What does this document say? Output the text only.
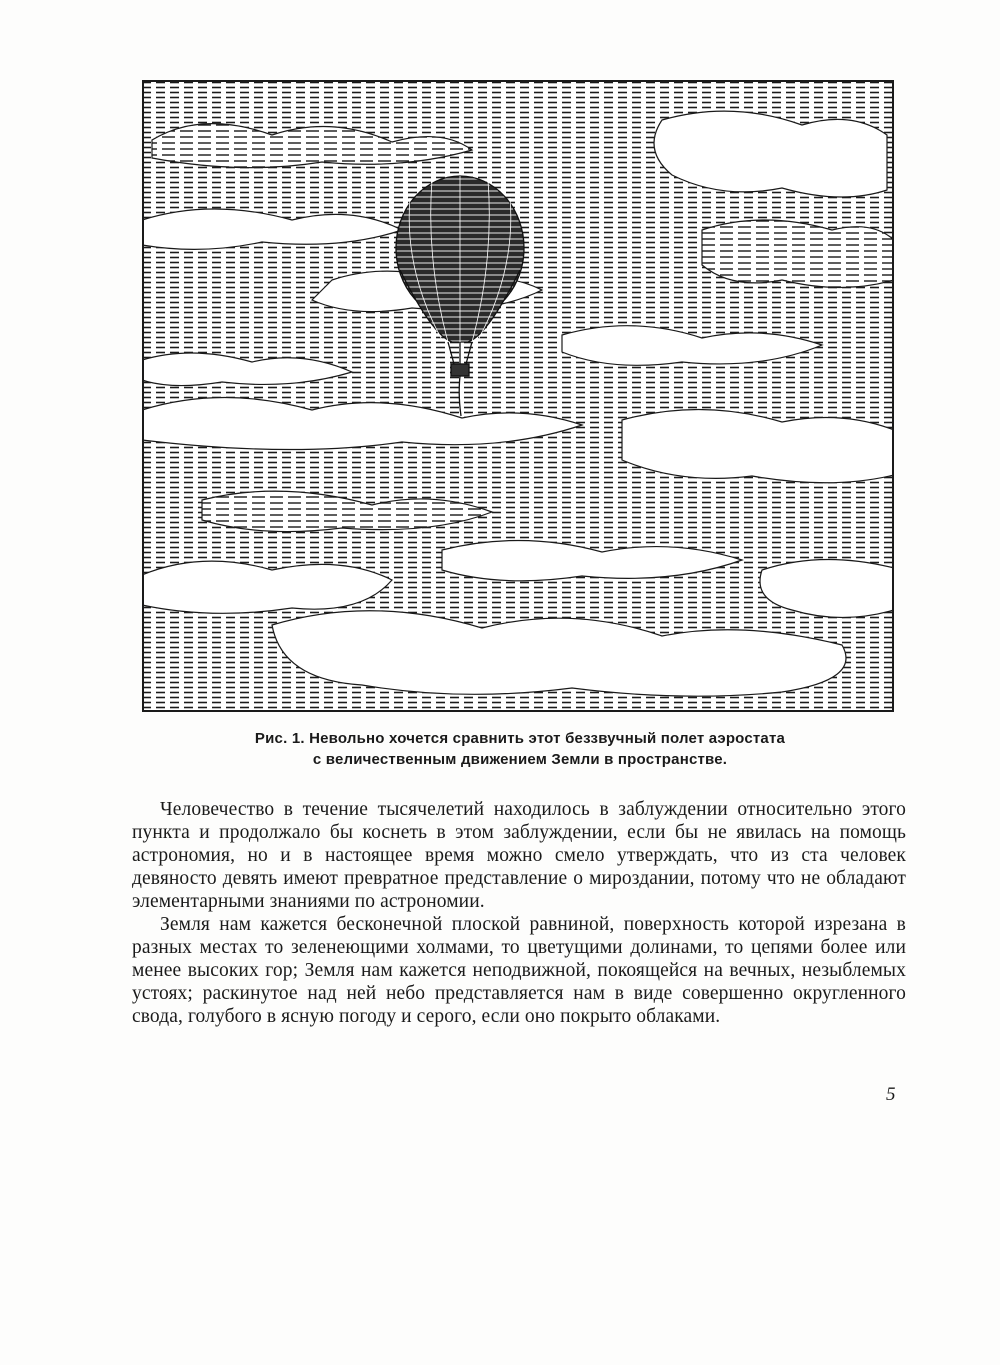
Рис. 1. Невольно хочется сравнить этот беззвучный полет аэростата
с величественным движением Земли в пространстве.

Человечество в течение тысячелетий находилось в заблуждении относительно этого пункта и продолжало бы коснеть в этом заблуждении, если бы не явилась на помощь астрономия, но и в настоящее время можно смело утверждать, что из ста человек девяносто девять имеют превратное представление о мироздании, потому что не обладают элементарными знаниями по астрономии.

Земля нам кажется бесконечной плоской равниной, поверхность которой изрезана в разных местах то зеленеющими холмами, то цветущими долинами, то цепями более или менее высоких гор; Земля нам кажется неподвижной, покоящейся на вечных, незыблемых устоях; раскинутое над ней небо представляется нам в виде совершенно округленного свода, голубого в ясную погоду и серого, если оно покрыто облаками.

5
